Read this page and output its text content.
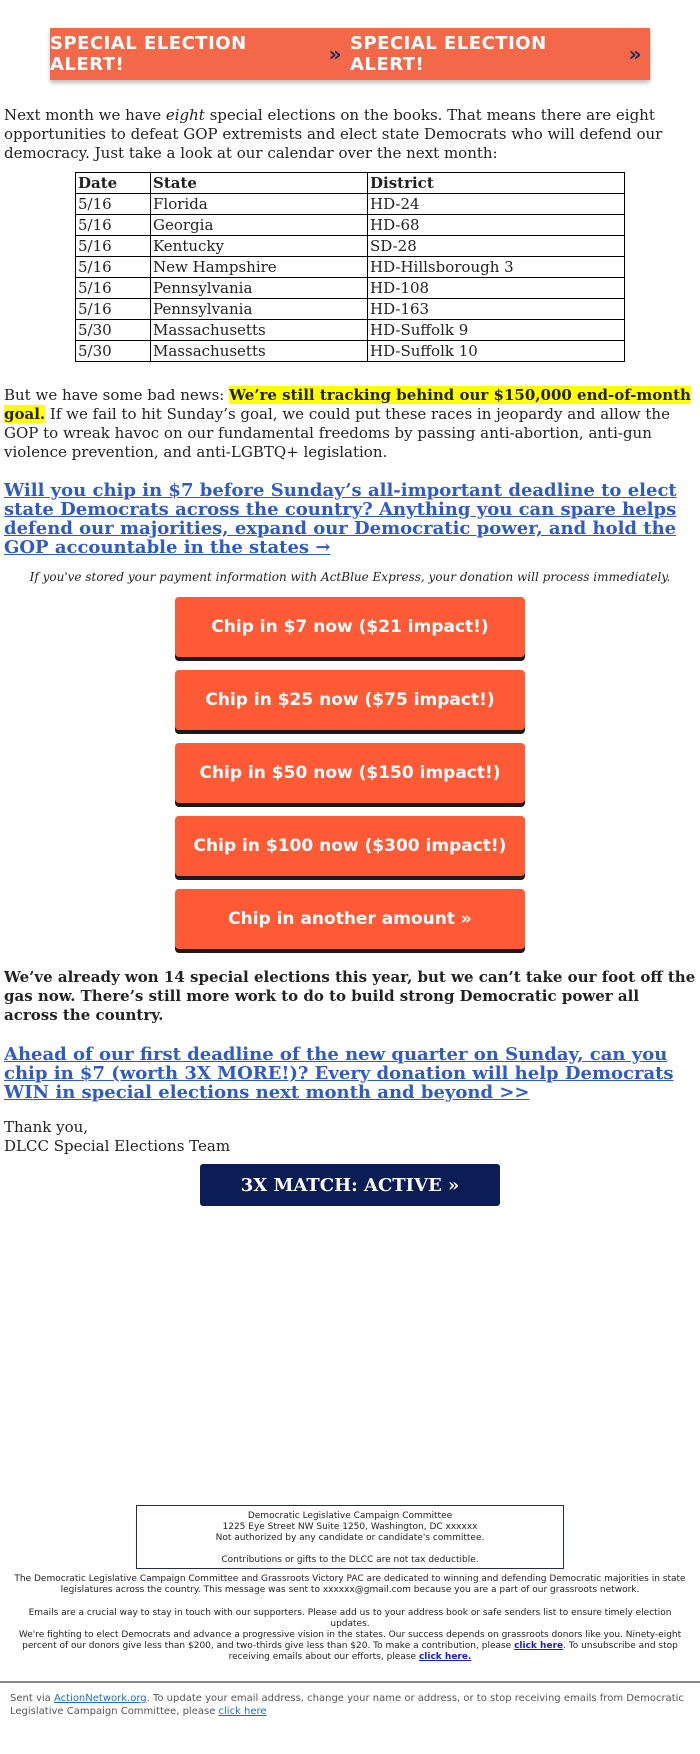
SPECIAL ELECTION ALERT!	» SPECIAL ELECTION ALERT!	»

Next month we have eight special elections on the books. That means there are eight opportunities to defeat GOP extremists and elect state Democrats who will defend our democracy. Just take a look at our calendar over the next month:

Date	State	District
5/16	Florida	HD-24
5/16	Georgia	HD-68
5/16	Kentucky	SD-28
5/16	New Hampshire	HD-Hillsborough 3
5/16	Pennsylvania	HD-108
5/16	Pennsylvania	HD-163
5/30	Massachusetts	HD-Suffolk 9
5/30	Massachusetts	HD-Suffolk 10

But we have some bad news: We’re still tracking behind our $150,000 end-of-month goal. If we fail to hit Sunday’s goal, we could put these races in jeopardy and allow the GOP to wreak havoc on our fundamental freedoms by passing anti-abortion, anti-gun violence prevention, and anti-LGBTQ+ legislation.

Will you chip in $7 before Sunday’s all-important deadline to elect state Democrats across the country? Anything you can spare helps defend our majorities, expand our Democratic power, and hold the GOP accountable in the states →
If you've stored your payment information with ActBlue Express, your donation will process immediately.
Chip in $7 now ($21 impact!)
Chip in $25 now ($75 impact!)
Chip in $50 now ($150 impact!)
Chip in $100 now ($300 impact!)
Chip in another amount »

We’ve already won 14 special elections this year, but we can’t take our foot off the gas now. There’s still more work to do to build strong Democratic power all across the country.

Ahead of our first deadline of the new quarter on Sunday, can you chip in $7 (worth 3X MORE!)? Every donation will help Democrats WIN in special elections next month and beyond >>
Thank you,
DLCC Special Elections Team
3X MATCH: ACTIVE »
Democratic Legislative Campaign Committee
1225 Eye Street NW Suite 1250, Washington, DC xxxxxx
Not authorized by any candidate or candidate's committee.
Contributions or gifts to the DLCC are not tax deductible.

The Democratic Legislative Campaign Committee and Grassroots Victory PAC are dedicated to winning and defending Democratic majorities in state legislatures across the country. This message was sent to xxxxxx@gmail.com because you are a part of our grassroots network.

Emails are a crucial way to stay in touch with our supporters. Please add us to your address book or safe senders list to ensure timely election updates.

We're fighting to elect Democrats and advance a progressive vision in the states. Our success depends on grassroots donors like you. Ninety-eight percent of our donors give less than $200, and two-thirds give less than $20. To make a contribution, please click here. To unsubscribe and stop receiving emails about our efforts, please click here.

Sent via ActionNetwork.org. To update your email address, change your name or address, or to stop receiving emails from Democratic Legislative Campaign Committee, please click here
